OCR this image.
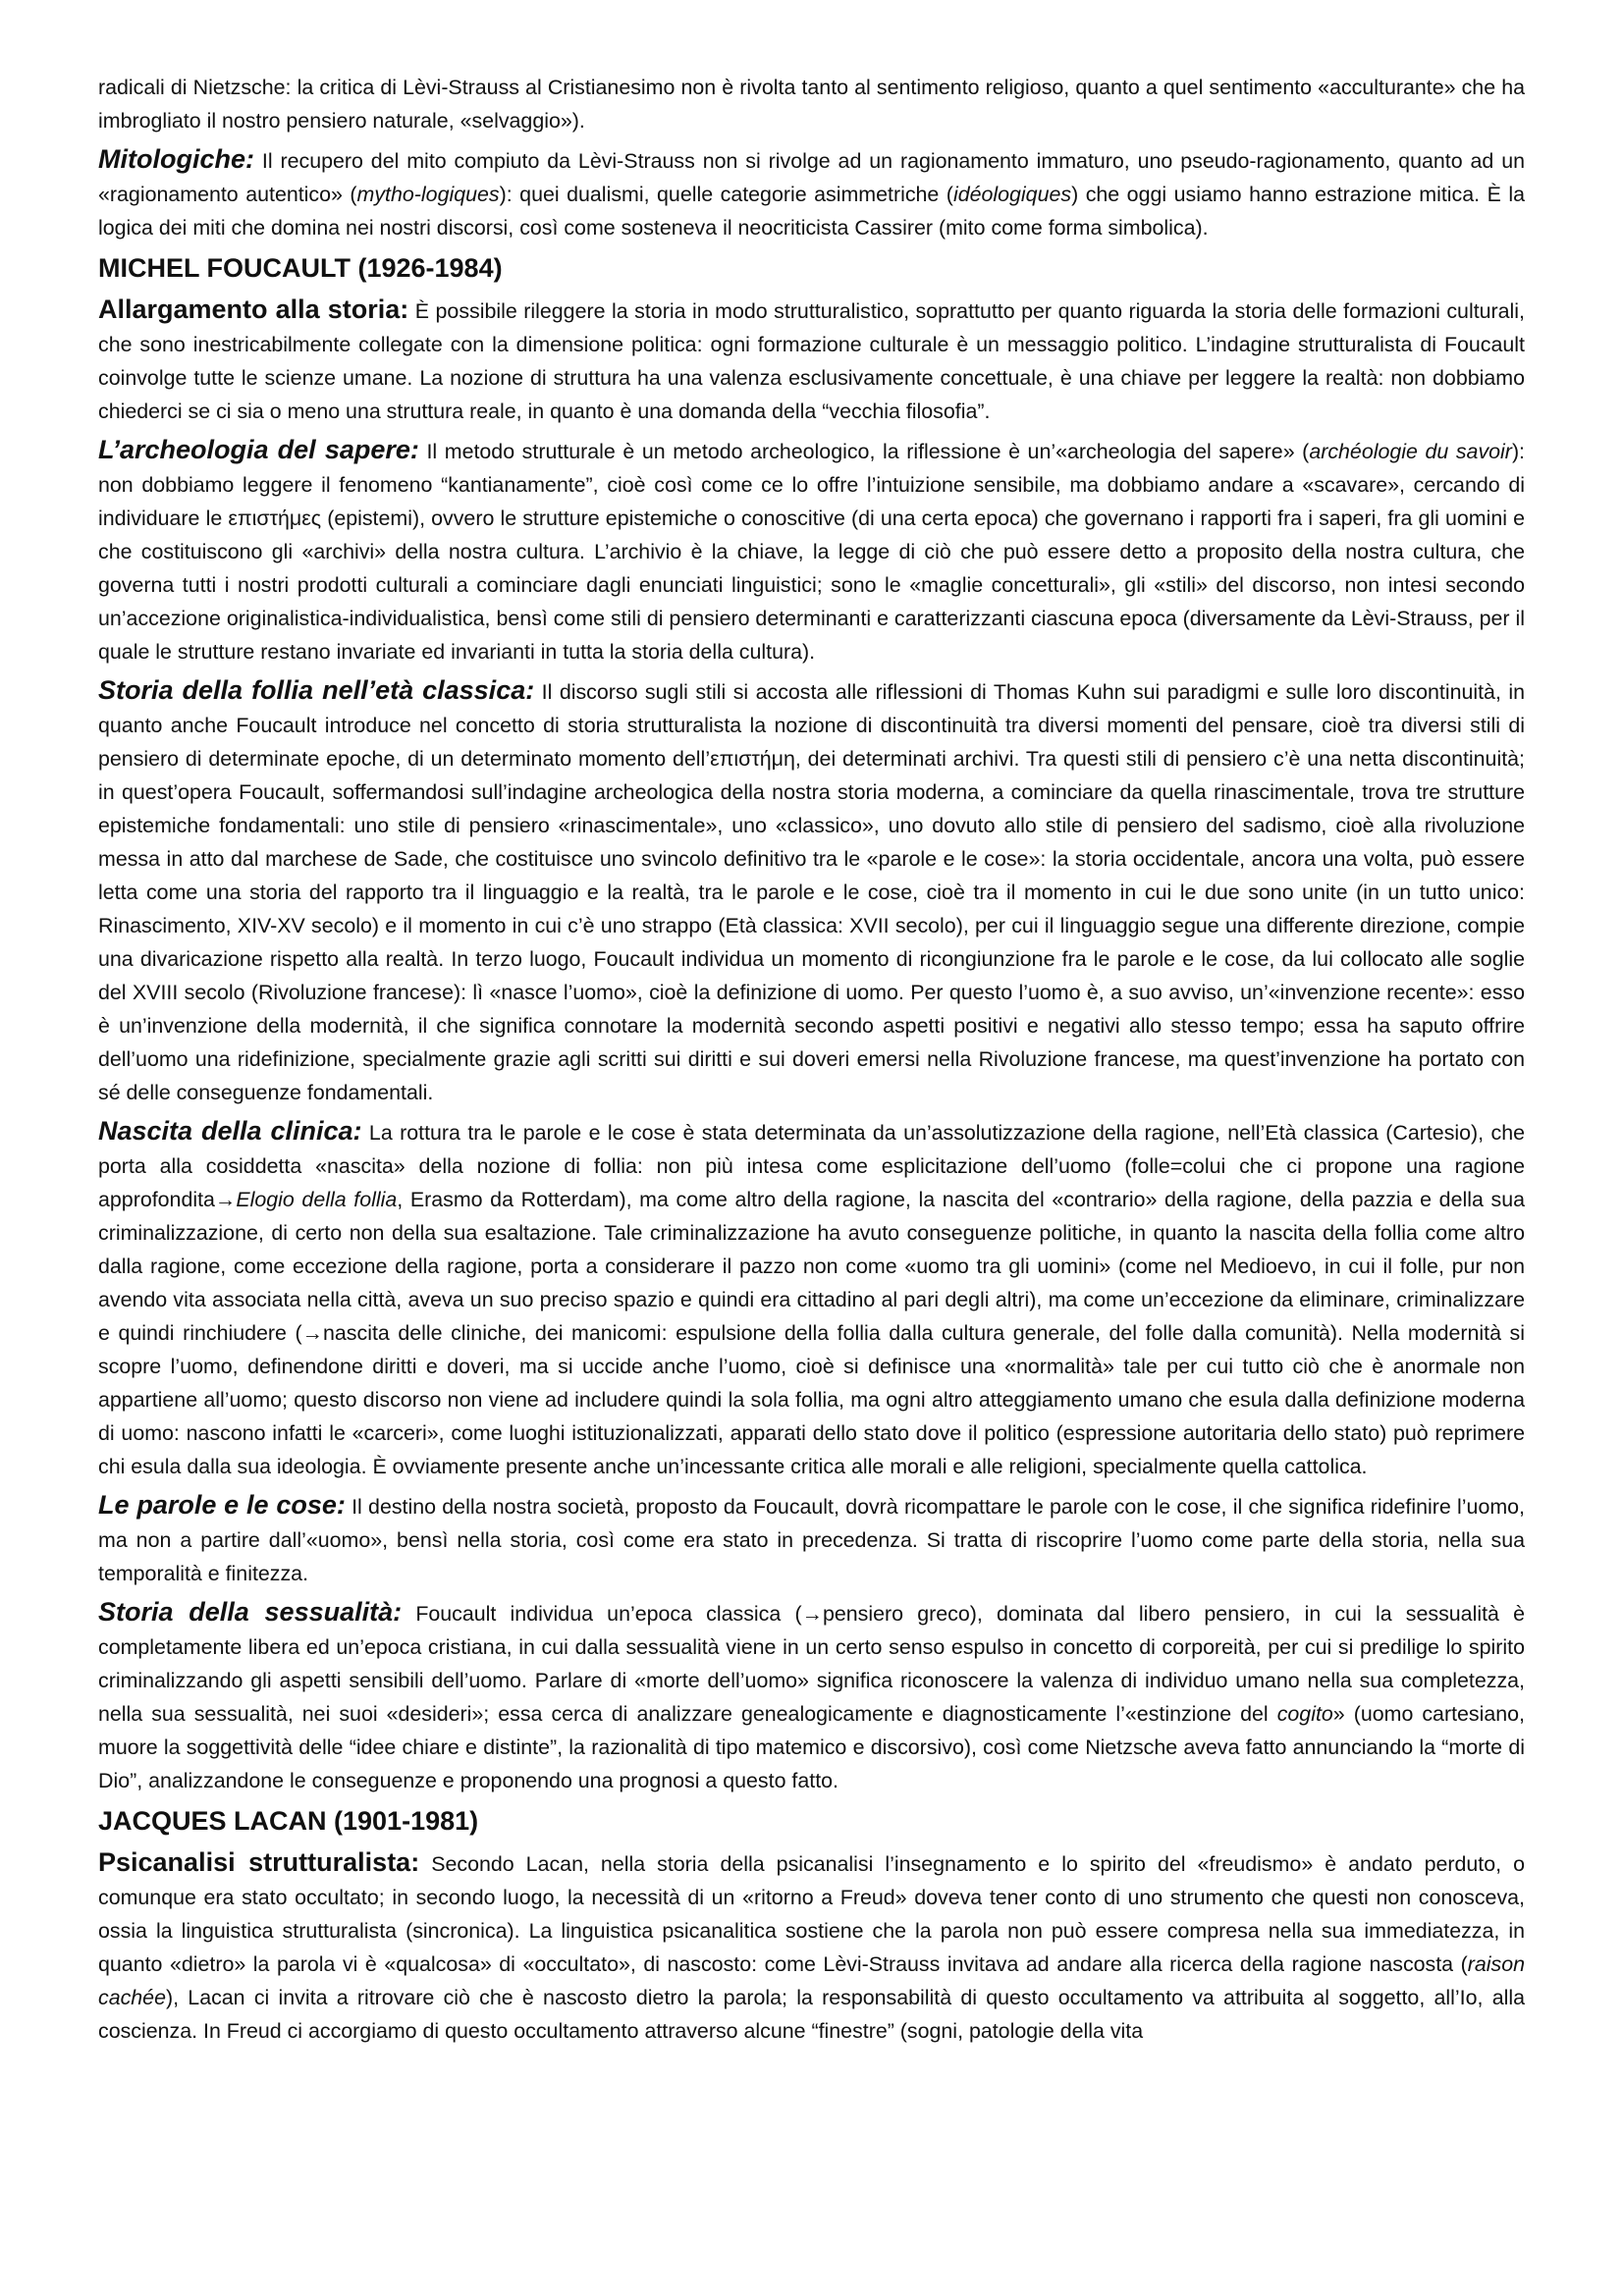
radicali di Nietzsche: la critica di Lèvi-Strauss al Cristianesimo non è rivolta tanto al sentimento religioso, quanto a quel sentimento «acculturante» che ha imbrogliato il nostro pensiero naturale, «selvaggio»).

Mitologiche: Il recupero del mito compiuto da Lèvi-Strauss non si rivolge ad un ragionamento immaturo, uno pseudo-ragionamento, quanto ad un «ragionamento autentico» (mytho-logiques): quei dualismi, quelle categorie asimmetriche (idéologiques) che oggi usiamo hanno estrazione mitica. È la logica dei miti che domina nei nostri discorsi, così come sosteneva il neocriticista Cassirer (mito come forma simbolica).

MICHEL FOUCAULT (1926-1984)

Allargamento alla storia: È possibile rileggere la storia in modo strutturalistico, soprattutto per quanto riguarda la storia delle formazioni culturali, che sono inestricabilmente collegate con la dimensione politica: ogni formazione culturale è un messaggio politico. L’indagine strutturalista di Foucault coinvolge tutte le scienze umane. La nozione di struttura ha una valenza esclusivamente concettuale, è una chiave per leggere la realtà: non dobbiamo chiederci se ci sia o meno una struttura reale, in quanto è una domanda della “vecchia filosofia”.

L’archeologia del sapere: Il metodo strutturale è un metodo archeologico, la riflessione è un’«archeologia del sapere» (archéologie du savoir): non dobbiamo leggere il fenomeno “kantianamente”, cioè così come ce lo offre l’intuizione sensibile, ma dobbiamo andare a «scavare», cercando di individuare le επιστήμες (epistemi), ovvero le strutture epistemiche o conoscitive (di una certa epoca) che governano i rapporti fra i saperi, fra gli uomini e che costituiscono gli «archivi» della nostra cultura. L’archivio è la chiave, la legge di ciò che può essere detto a proposito della nostra cultura, che governa tutti i nostri prodotti culturali a cominciare dagli enunciati linguistici; sono le «maglie concetturali», gli «stili» del discorso, non intesi secondo un’accezione originalistica-individualistica, bensì come stili di pensiero determinanti e caratterizzanti ciascuna epoca (diversamente da Lèvi-Strauss, per il quale le strutture restano invariate ed invarianti in tutta la storia della cultura).

Storia della follia nell’età classica: Il discorso sugli stili si accosta alle riflessioni di Thomas Kuhn sui paradigmi e sulle loro discontinuità, in quanto anche Foucault introduce nel concetto di storia strutturalista la nozione di discontinuità tra diversi momenti del pensare, cioè tra diversi stili di pensiero di determinate epoche, di un determinato momento dell’επιστήμη, dei determinati archivi. Tra questi stili di pensiero c’è una netta discontinuità; in quest’opera Foucault, soffermandosi sull’indagine archeologica della nostra storia moderna, a cominciare da quella rinascimentale, trova tre strutture epistemiche fondamentali: uno stile di pensiero «rinascimentale», uno «classico», uno dovuto allo stile di pensiero del sadismo, cioè alla rivoluzione messa in atto dal marchese de Sade, che costituisce uno svincolo definitivo tra le «parole e le cose»: la storia occidentale, ancora una volta, può essere letta come una storia del rapporto tra il linguaggio e la realtà, tra le parole e le cose, cioè tra il momento in cui le due sono unite (in un tutto unico: Rinascimento, XIV-XV secolo) e il momento in cui c’è uno strappo (Età classica: XVII secolo), per cui il linguaggio segue una differente direzione, compie una divaricazione rispetto alla realtà. In terzo luogo, Foucault individua un momento di ricongiunzione fra le parole e le cose, da lui collocato alle soglie del XVIII secolo (Rivoluzione francese): lì «nasce l’uomo», cioè la definizione di uomo. Per questo l’uomo è, a suo avviso, un’«invenzione recente»: esso è un’invenzione della modernità, il che significa connotare la modernità secondo aspetti positivi e negativi allo stesso tempo; essa ha saputo offrire dell’uomo una ridefinizione, specialmente grazie agli scritti sui diritti e sui doveri emersi nella Rivoluzione francese, ma quest’invenzione ha portato con sé delle conseguenze fondamentali.

Nascita della clinica: La rottura tra le parole e le cose è stata determinata da un’assolutizzazione della ragione, nell’Età classica (Cartesio), che porta alla cosiddetta «nascita» della nozione di follia: non più intesa come esplicitazione dell’uomo (folle=colui che ci propone una ragione approfondita→Elogio della follia, Erasmo da Rotterdam), ma come altro della ragione, la nascita del «contrario» della ragione, della pazzia e della sua criminalizzazione, di certo non della sua esaltazione. Tale criminalizzazione ha avuto conseguenze politiche, in quanto la nascita della follia come altro dalla ragione, come eccezione della ragione, porta a considerare il pazzo non come «uomo tra gli uomini» (come nel Medioevo, in cui il folle, pur non avendo vita associata nella città, aveva un suo preciso spazio e quindi era cittadino al pari degli altri), ma come un’eccezione da eliminare, criminalizzare e quindi rinchiudere (→nascita delle cliniche, dei manicomi: espulsione della follia dalla cultura generale, del folle dalla comunità). Nella modernità si scopre l’uomo, definendone diritti e doveri, ma si uccide anche l’uomo, cioè si definisce una «normalità» tale per cui tutto ciò che è anormale non appartiene all’uomo; questo discorso non viene ad includere quindi la sola follia, ma ogni altro atteggiamento umano che esula dalla definizione moderna di uomo: nascono infatti le «carceri», come luoghi istituzionalizzati, apparati dello stato dove il politico (espressione autoritaria dello stato) può reprimere chi esula dalla sua ideologia. È ovviamente presente anche un’incessante critica alle morali e alle religioni, specialmente quella cattolica.

Le parole e le cose: Il destino della nostra società, proposto da Foucault, dovrà ricompattare le parole con le cose, il che significa ridefinire l’uomo, ma non a partire dall’«uomo», bensì nella storia, così come era stato in precedenza. Si tratta di riscoprire l’uomo come parte della storia, nella sua temporalità e finitezza.

Storia della sessualità: Foucault individua un’epoca classica (→pensiero greco), dominata dal libero pensiero, in cui la sessualità è completamente libera ed un’epoca cristiana, in cui dalla sessualità viene in un certo senso espulso in concetto di corporeità, per cui si predilige lo spirito criminalizzando gli aspetti sensibili dell’uomo. Parlare di «morte dell’uomo» significa riconoscere la valenza di individuo umano nella sua completezza, nella sua sessualità, nei suoi «desideri»; essa cerca di analizzare genealogicamente e diagnosticamente l’«estinzione del cogito» (uomo cartesiano, muore la soggettività delle “idee chiare e distinte”, la razionalità di tipo matemico e discorsivo), così come Nietzsche aveva fatto annunciando la “morte di Dio”, analizzandone le conseguenze e proponendo una prognosi a questo fatto.

JACQUES LACAN (1901-1981)

Psicanalisi strutturalista: Secondo Lacan, nella storia della psicanalisi l’insegnamento e lo spirito del «freudismo» è andato perduto, o comunque era stato occultato; in secondo luogo, la necessità di un «ritorno a Freud» doveva tener conto di uno strumento che questi non conosceva, ossia la linguistica strutturalista (sincronica). La linguistica psicanalitica sostiene che la parola non può essere compresa nella sua immediatezza, in quanto «dietro» la parola vi è «qualcosa» di «occultato», di nascosto: come Lèvi-Strauss invitava ad andare alla ricerca della ragione nascosta (raison cachée), Lacan ci invita a ritrovare ciò che è nascosto dietro la parola; la responsabilità di questo occultamento va attribuita al soggetto, all’Io, alla coscienza. In Freud ci accorgiamo di questo occultamento attraverso alcune “finestre” (sogni, patologie della vita
